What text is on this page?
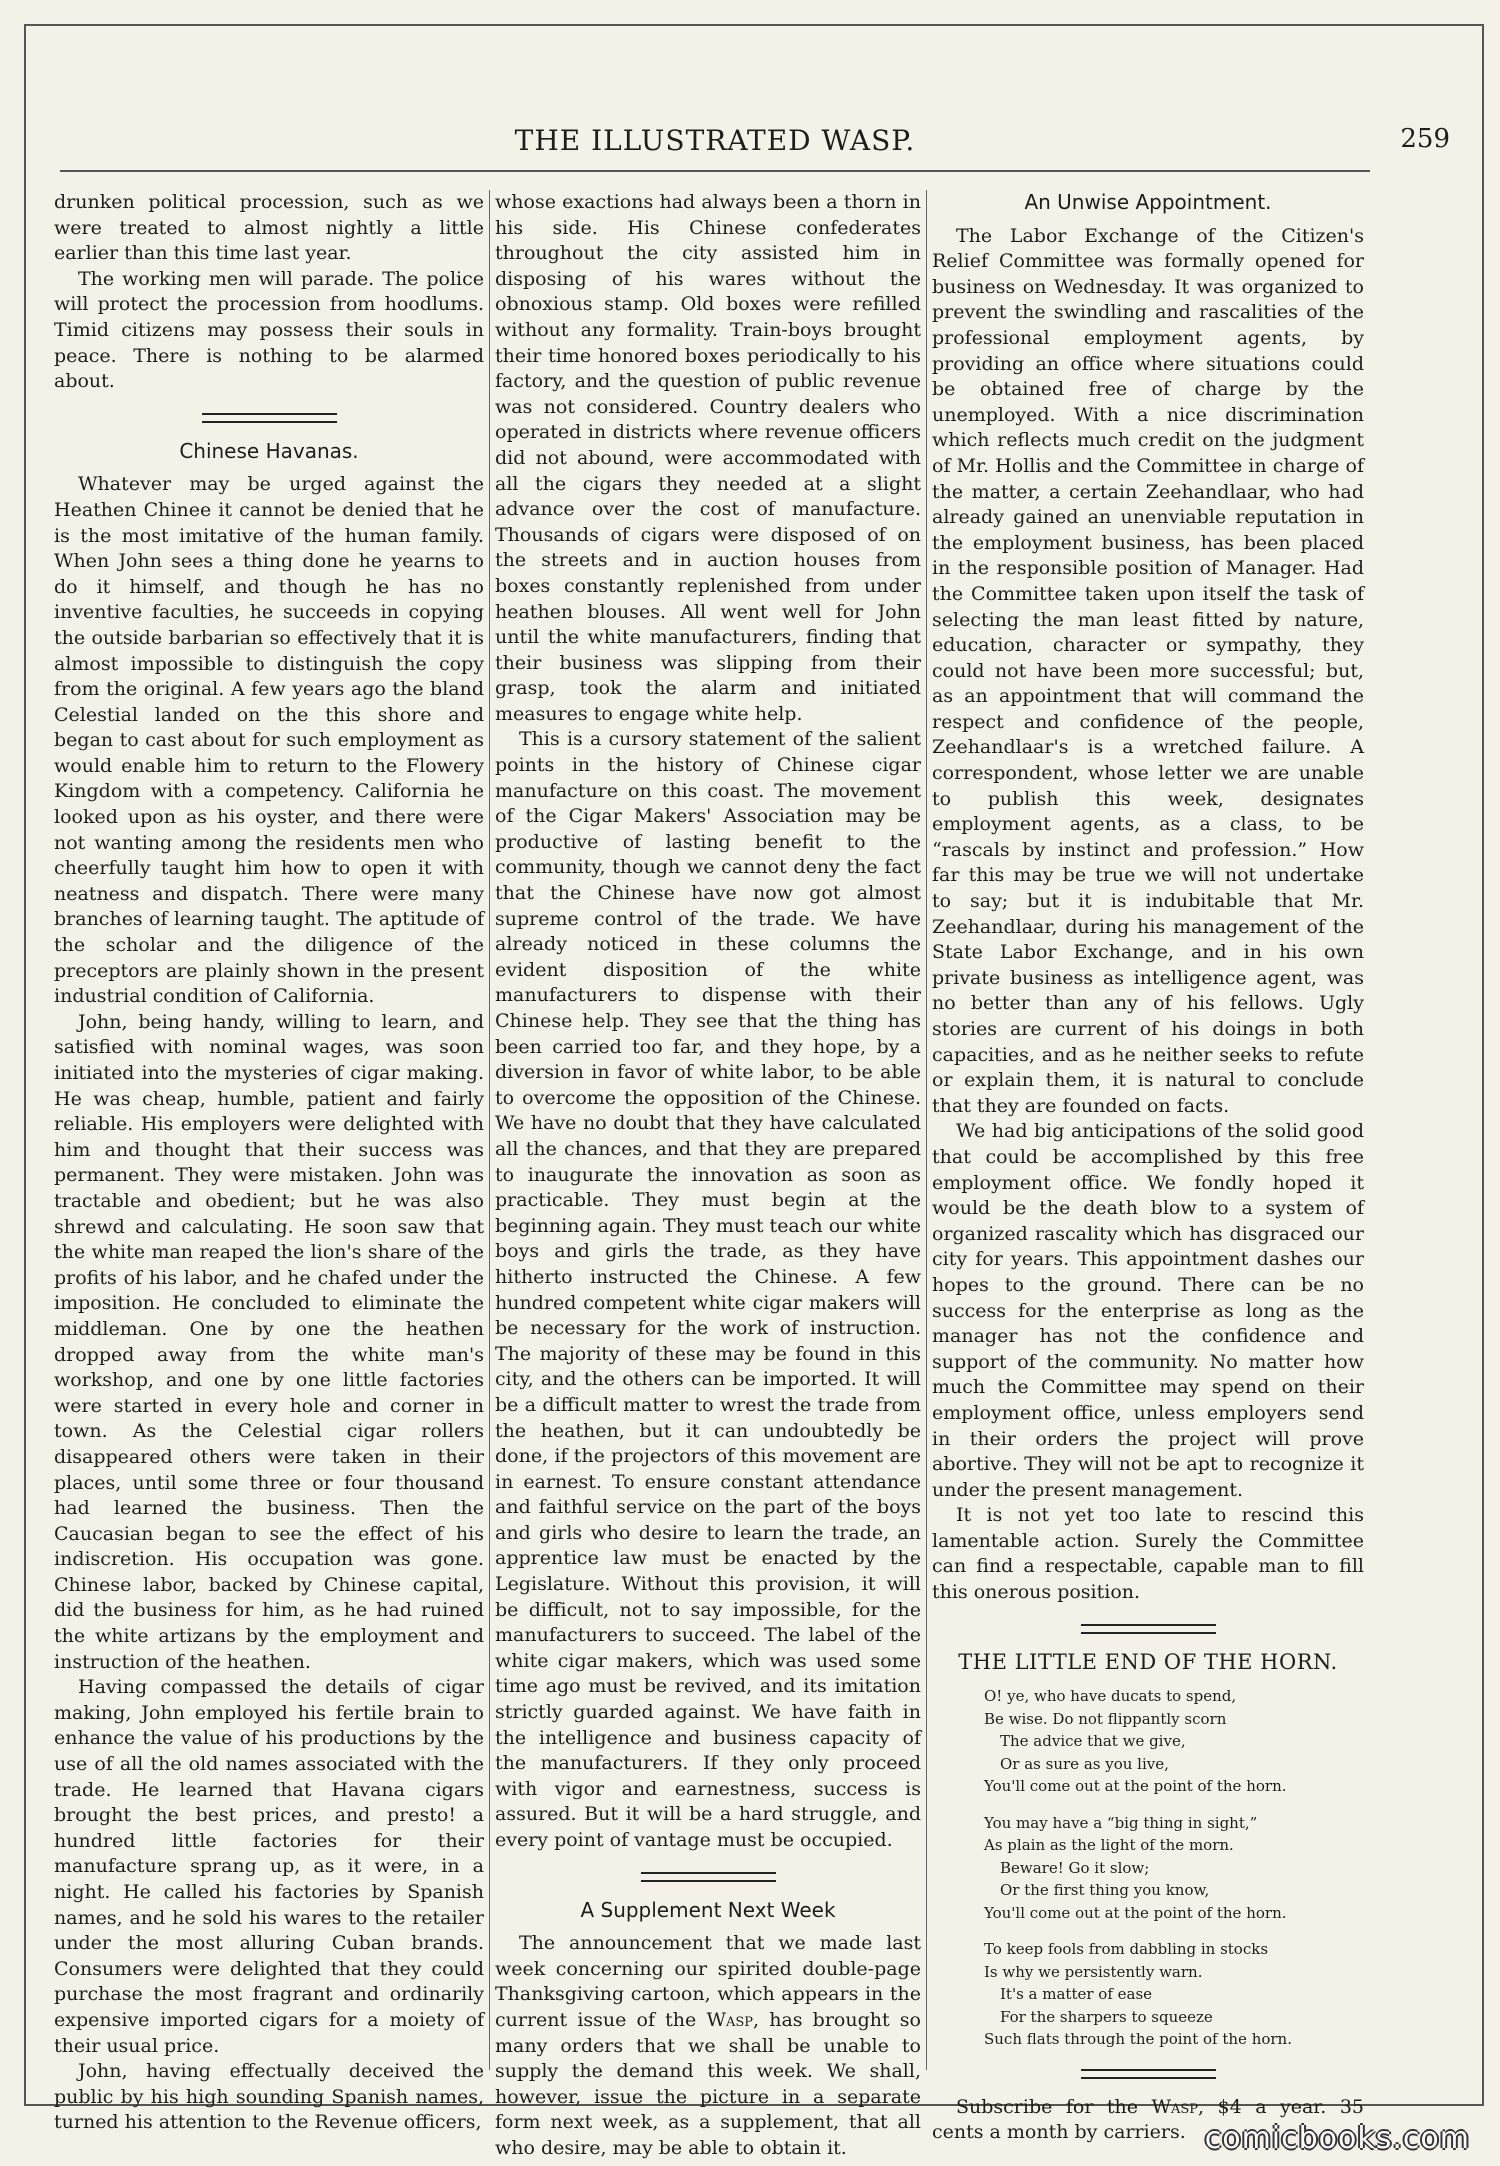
THE ILLUSTRATED WASP.	259

drunken political procession, such as we were treated to almost nightly a little earlier than this time last year.

The working men will parade. The police will protect the procession from hoodlums. Timid citizens may possess their souls in peace. There is nothing to be alarmed about.

Chinese Havanas.

Whatever may be urged against the Heathen Chinee it cannot be denied that he is the most imitative of the human family. When John sees a thing done he yearns to do it himself, and though he has no inventive faculties, he succeeds in copying the outside barbarian so effectively that it is almost impossible to distinguish the copy from the original. A few years ago the bland Celestial landed on the this shore and began to cast about for such employment as would enable him to return to the Flowery Kingdom with a competency. California he looked upon as his oyster, and there were not wanting among the residents men who cheerfully taught him how to open it with neatness and dispatch. There were many branches of learning taught. The aptitude of the scholar and the diligence of the preceptors are plainly shown in the present industrial condition of California.

John, being handy, willing to learn, and satisfied with nominal wages, was soon initiated into the mysteries of cigar making. He was cheap, humble, patient and fairly reliable. His employers were delighted with him and thought that their success was permanent. They were mistaken. John was tractable and obedient; but he was also shrewd and calculating. He soon saw that the white man reaped the lion's share of the profits of his labor, and he chafed under the imposition. He concluded to eliminate the middleman. One by one the heathen dropped away from the white man's workshop, and one by one little factories were started in every hole and corner in town. As the Celestial cigar rollers disappeared others were taken in their places, until some three or four thousand had learned the business. Then the Caucasian began to see the effect of his indiscretion. His occupation was gone. Chinese labor, backed by Chinese capital, did the business for him, as he had ruined the white artizans by the employment and instruction of the heathen.

Having compassed the details of cigar making, John employed his fertile brain to enhance the value of his productions by the use of all the old names associated with the trade. He learned that Havana cigars brought the best prices, and presto! a hundred little factories for their manufacture sprang up, as it were, in a night. He called his factories by Spanish names, and he sold his wares to the retailer under the most alluring Cuban brands. Consumers were delighted that they could purchase the most fragrant and ordinarily expensive imported cigars for a moiety of their usual price.

John, having effectually deceived the public by his high sounding Spanish names, turned his attention to the Revenue officers,

whose exactions had always been a thorn in his side. His Chinese confederates throughout the city assisted him in disposing of his wares without the obnoxious stamp. Old boxes were refilled without any formality. Train-boys brought their time honored boxes periodically to his factory, and the question of public revenue was not considered. Country dealers who operated in districts where revenue officers did not abound, were accommodated with all the cigars they needed at a slight advance over the cost of manufacture. Thousands of cigars were disposed of on the streets and in auction houses from boxes constantly replenished from under heathen blouses. All went well for John until the white manufacturers, finding that their business was slipping from their grasp, took the alarm and initiated measures to engage white help.

This is a cursory statement of the salient points in the history of Chinese cigar manufacture on this coast. The movement of the Cigar Makers' Association may be productive of lasting benefit to the community, though we cannot deny the fact that the Chinese have now got almost supreme control of the trade. We have already noticed in these columns the evident disposition of the white manufacturers to dispense with their Chinese help. They see that the thing has been carried too far, and they hope, by a diversion in favor of white labor, to be able to overcome the opposition of the Chinese. We have no doubt that they have calculated all the chances, and that they are prepared to inaugurate the innovation as soon as practicable. They must begin at the beginning again. They must teach our white boys and girls the trade, as they have hitherto instructed the Chinese. A few hundred competent white cigar makers will be necessary for the work of instruction. The majority of these may be found in this city, and the others can be imported. It will be a difficult matter to wrest the trade from the heathen, but it can undoubtedly be done, if the projectors of this movement are in earnest. To ensure constant attendance and faithful service on the part of the boys and girls who desire to learn the trade, an apprentice law must be enacted by the Legislature. Without this provision, it will be difficult, not to say impossible, for the manufacturers to succeed. The label of the white cigar makers, which was used some time ago must be revived, and its imitation strictly guarded against. We have faith in the intelligence and business capacity of the manufacturers. If they only proceed with vigor and earnestness, success is assured. But it will be a hard struggle, and every point of vantage must be occupied.

A Supplement Next Week

The announcement that we made last week concerning our spirited double-page Thanksgiving cartoon, which appears in the current issue of the Wasp, has brought so many orders that we shall be unable to supply the demand this week. We shall, however, issue the picture in a separate form next week, as a supplement, that all who desire, may be able to obtain it.

An Unwise Appointment.

The Labor Exchange of the Citizen's Relief Committee was formally opened for business on Wednesday. It was organized to prevent the swindling and rascalities of the professional employment agents, by providing an office where situations could be obtained free of charge by the unemployed. With a nice discrimination which reflects much credit on the judgment of Mr. Hollis and the Committee in charge of the matter, a certain Zeehandlaar, who had already gained an unenviable reputation in the employment business, has been placed in the responsible position of Manager. Had the Committee taken upon itself the task of selecting the man least fitted by nature, education, character or sympathy, they could not have been more successful; but, as an appointment that will command the respect and confidence of the people, Zeehandlaar's is a wretched failure. A correspondent, whose letter we are unable to publish this week, designates employment agents, as a class, to be “rascals by instinct and profession.” How far this may be true we will not undertake to say; but it is indubitable that Mr. Zeehandlaar, during his management of the State Labor Exchange, and in his own private business as intelligence agent, was no better than any of his fellows. Ugly stories are current of his doings in both capacities, and as he neither seeks to refute or explain them, it is natural to conclude that they are founded on facts.

We had big anticipations of the solid good that could be accomplished by this free employment office. We fondly hoped it would be the death blow to a system of organized rascality which has disgraced our city for years. This appointment dashes our hopes to the ground. There can be no success for the enterprise as long as the manager has not the confidence and support of the community. No matter how much the Committee may spend on their employment office, unless employers send in their orders the project will prove abortive. They will not be apt to recognize it under the present management.

It is not yet too late to rescind this lamentable action. Surely the Committee can find a respectable, capable man to fill this onerous position.

THE LITTLE END OF THE HORN.
O! ye, who have ducats to spend,
Be wise. Do not flippantly scorn
The advice that we give,
Or as sure as you live,
You'll come out at the point of the horn.
You may have a “big thing in sight,”
As plain as the light of the morn.
Beware! Go it slow;
Or the first thing you know,
You'll come out at the point of the horn.
To keep fools from dabbling in stocks
Is why we persistently warn.
It's a matter of ease
For the sharpers to squeeze
Such flats through the point of the horn.

Subscribe for the Wasp, $4 a year. 35 cents a month by carriers. comicbooks.com
